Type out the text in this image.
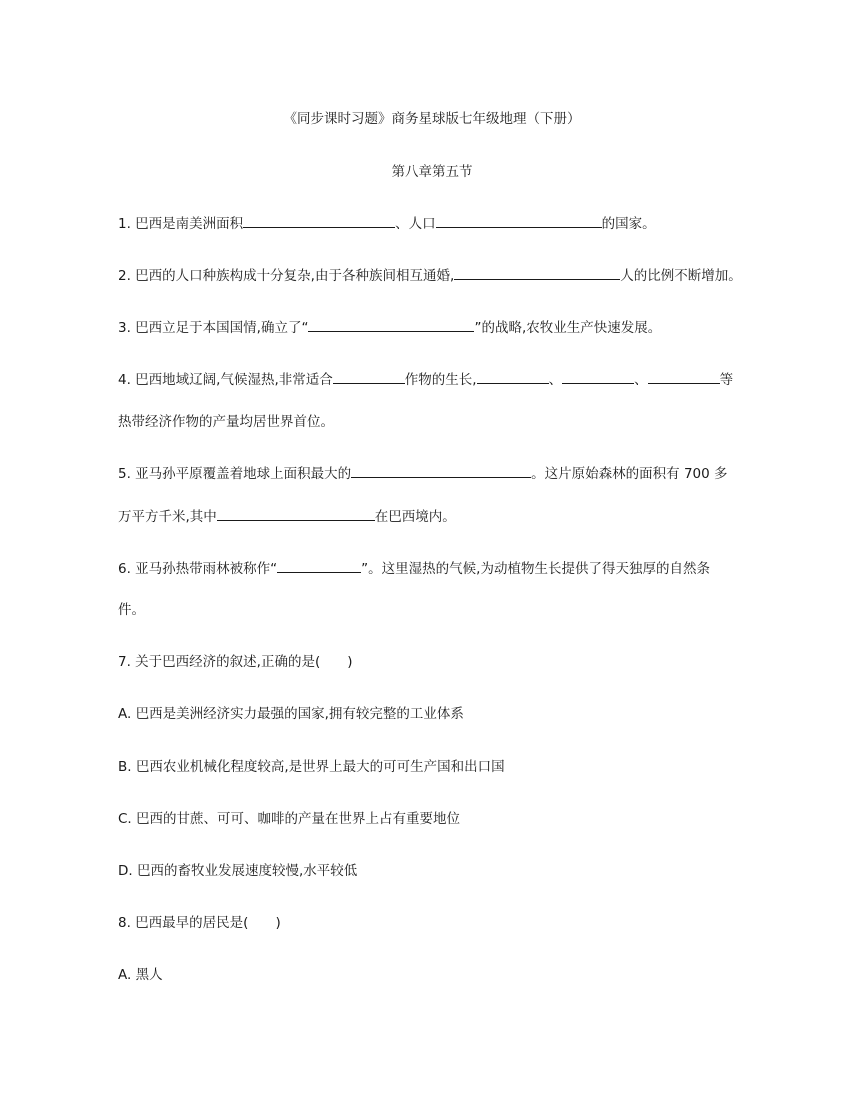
《同步课时习题》商务星球版七年级地理（下册）
第八章第五节
1. 巴西是南美洲面积	、人口	的国家。
2. 巴西的人口种族构成十分复杂,由于各种族间相互通婚,	人的比例不断增加。
3. 巴西立足于本国国情,确立了“	”的战略,农牧业生产快速发展。
4. 巴西地域辽阔,气候湿热,非常适合	作物的生长,	、	、	等
热带经济作物的产量均居世界首位。
5. 亚马孙平原覆盖着地球上面积最大的	。这片原始森林的面积有 700 多
万平方千米,其中	在巴西境内。
6. 亚马孙热带雨林被称作“	”。这里湿热的气候,为动植物生长提供了得天独厚的自然条
件。
7. 关于巴西经济的叙述,正确的是(　　)
A. 巴西是美洲经济实力最强的国家,拥有较完整的工业体系
B. 巴西农业机械化程度较高,是世界上最大的可可生产国和出口国
C. 巴西的甘蔗、可可、咖啡的产量在世界上占有重要地位
D. 巴西的畜牧业发展速度较慢,水平较低
8. 巴西最早的居民是(　　)
A. 黑人
